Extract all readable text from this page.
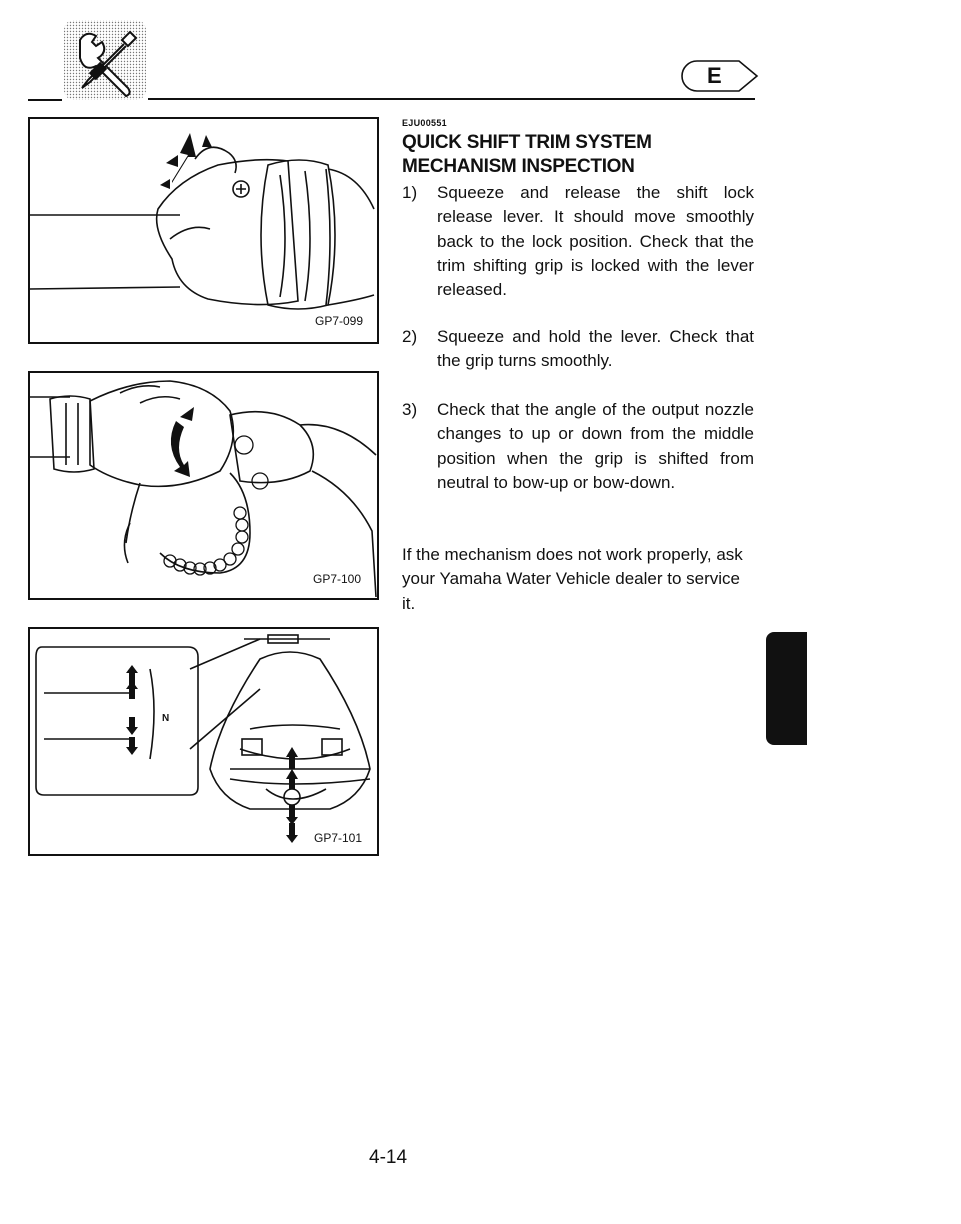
E
GP7-099
GP7-100
N
GP7-101
EJU00551
QUICK SHIFT TRIM SYSTEM
MECHANISM INSPECTION
1)	Squeeze and release the shift lock release lever. It should move smoothly back to the lock position. Check that the trim shifting grip is locked with the lever released.
2)	Squeeze and hold the lever. Check that the grip turns smoothly.
3)	Check that the angle of the output nozzle changes to up or down from the middle position when the grip is shifted from neutral to bow-up or bow-down.
If the mechanism does not work properly, ask your Yamaha Water Vehicle dealer to service it.
4-14
